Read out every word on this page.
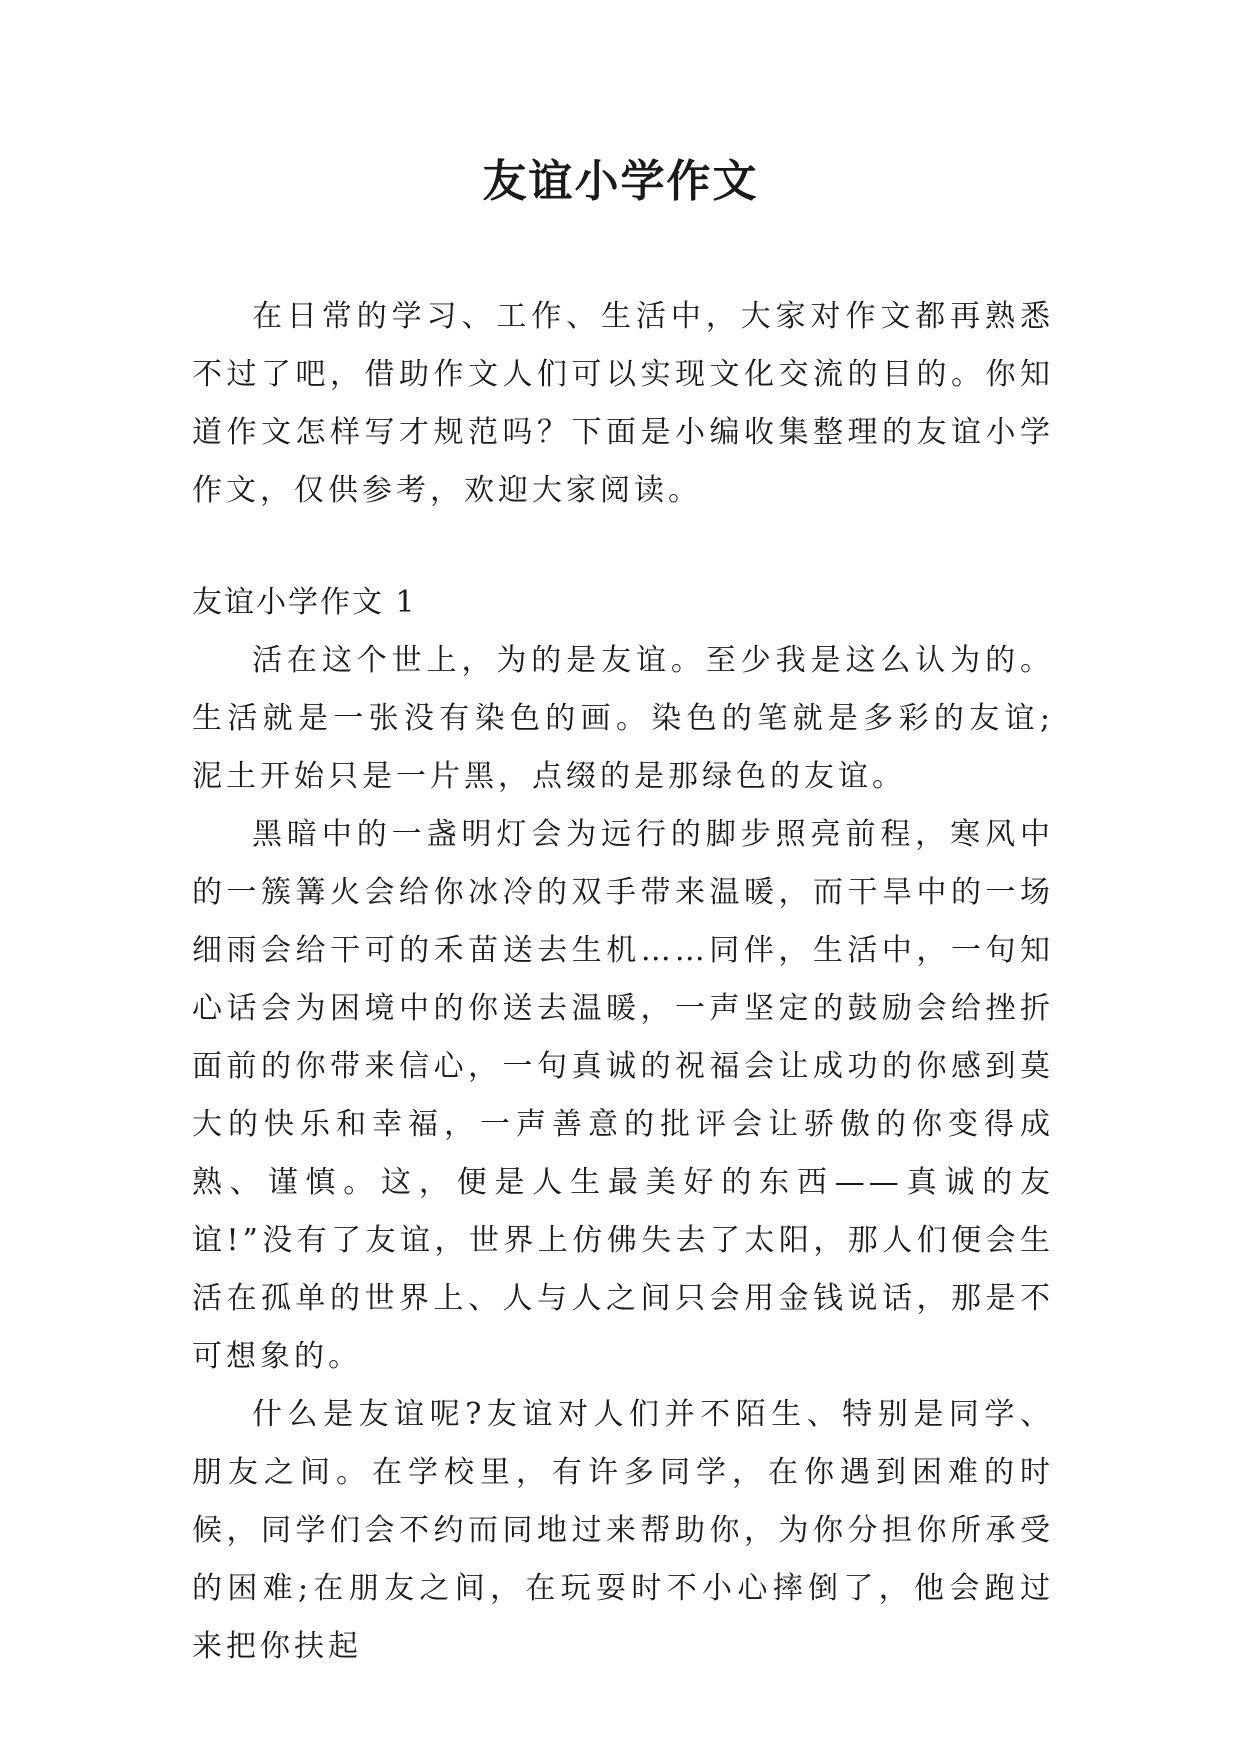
友谊小学作文

在日常的学习、工作、生活中，大家对作文都再熟悉不过了吧，借助作文人们可以实现文化交流的目的。你知道作文怎样写才规范吗？下面是小编收集整理的友谊小学作文，仅供参考，欢迎大家阅读。

友谊小学作文 1

活在这个世上，为的是友谊。至少我是这么认为的。生活就是一张没有染色的画。染色的笔就是多彩的友谊;泥土开始只是一片黑，点缀的是那绿色的友谊。

黑暗中的一盏明灯会为远行的脚步照亮前程，寒风中的一簇篝火会给你冰冷的双手带来温暖，而干旱中的一场细雨会给干可的禾苗送去生机……同伴，生活中，一句知心话会为困境中的你送去温暖，一声坚定的鼓励会给挫折面前的你带来信心，一句真诚的祝福会让成功的你感到莫大的快乐和幸福，一声善意的批评会让骄傲的你变得成熟、谨慎。这，便是人生最美好的东西——真诚的友谊!”没有了友谊，世界上仿佛失去了太阳，那人们便会生活在孤单的世界上、人与人之间只会用金钱说话，那是不可想象的。

什么是友谊呢?友谊对人们并不陌生、特别是同学、朋友之间。在学校里，有许多同学，在你遇到困难的时候，同学们会不约而同地过来帮助你，为你分担你所承受的困难;在朋友之间，在玩耍时不小心摔倒了，他会跑过来把你扶起
